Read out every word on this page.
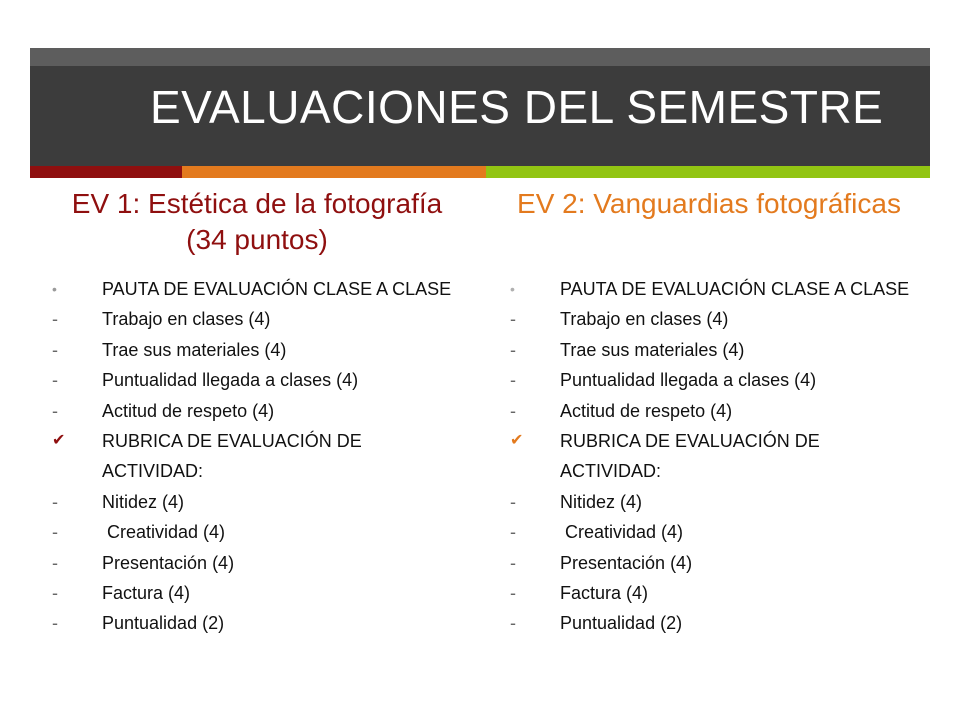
EVALUACIONES DEL SEMESTRE
EV 1: Estética de la fotografía (34 puntos)
•	PAUTA DE EVALUACIÓN CLASE A CLASE
-	Trabajo en clases (4)
-	Trae sus materiales (4)
-	Puntualidad llegada a clases (4)
-	Actitud de respeto (4)
✔	RUBRICA DE EVALUACIÓN DE ACTIVIDAD:
-	Nitidez (4)
-	Creatividad (4)
-	Presentación (4)
-	Factura (4)
-	Puntualidad (2)
EV 2: Vanguardias fotográficas
•	PAUTA DE EVALUACIÓN CLASE A CLASE
-	Trabajo en clases (4)
-	Trae sus materiales (4)
-	Puntualidad llegada a clases (4)
-	Actitud de respeto (4)
✔	RUBRICA DE EVALUACIÓN DE ACTIVIDAD:
-	Nitidez (4)
-	Creatividad (4)
-	Presentación (4)
-	Factura (4)
-	Puntualidad (2)
